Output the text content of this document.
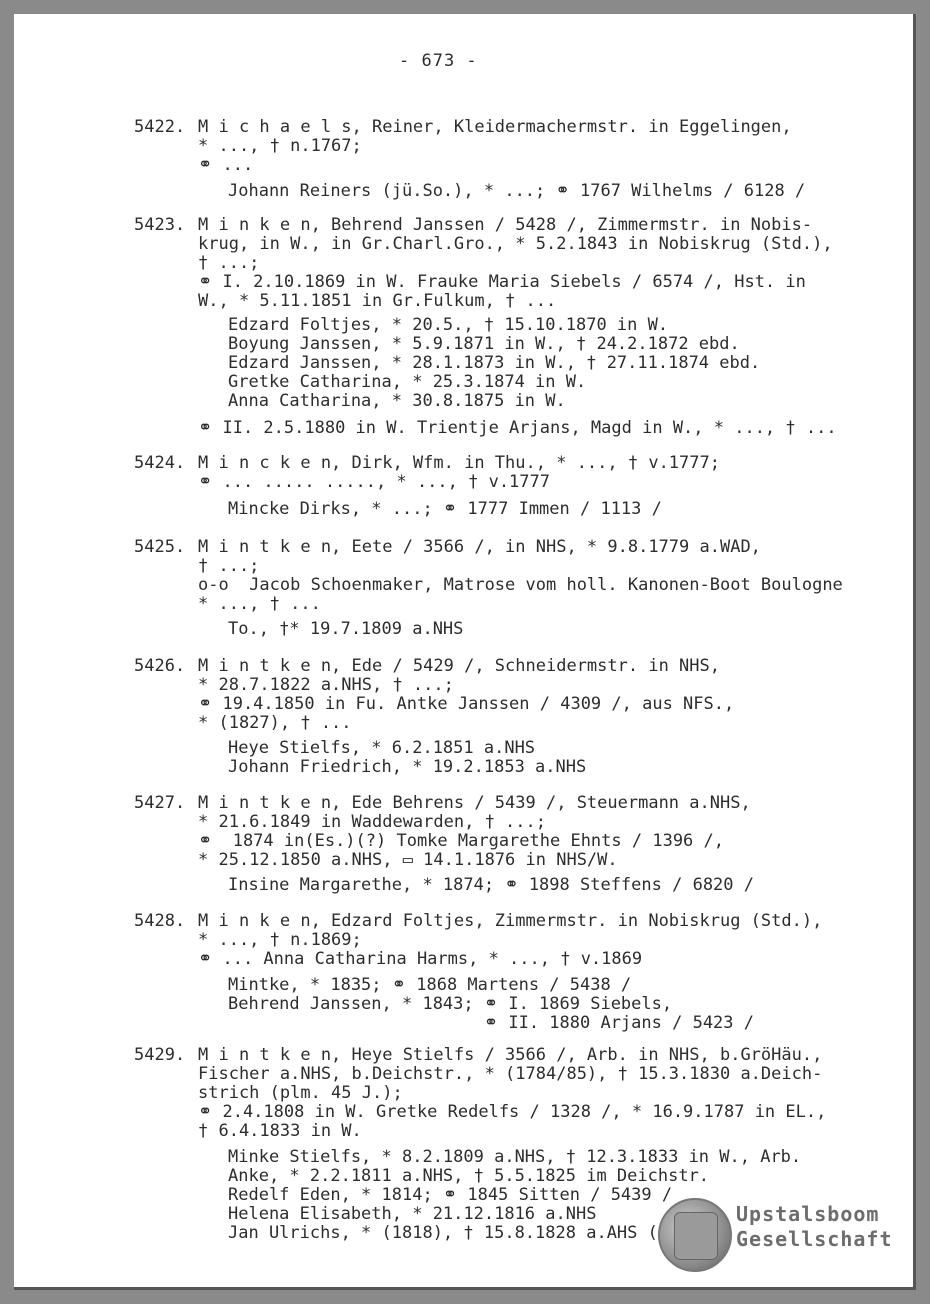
- 673 -
5422. M i c h a e l s, Reiner, Kleidermachermstr. in Eggelingen,
* ..., † n.1767;
⚭ ...
Johann Reiners (jü.So.), * ...; ⚭ 1767 Wilhelms / 6128 /
5423. M i n k e n, Behrend Janssen / 5428 /, Zimmermstr. in Nobis-
krug, in W., in Gr.Charl.Gro., * 5.2.1843 in Nobiskrug (Std.),
† ...;
⚭ I. 2.10.1869 in W. Frauke Maria Siebels / 6574 /, Hst. in
W., * 5.11.1851 in Gr.Fulkum, † ...
Edzard Foltjes, * 20.5., † 15.10.1870 in W.
Boyung Janssen, * 5.9.1871 in W., † 24.2.1872 ebd.
Edzard Janssen, * 28.1.1873 in W., † 27.11.1874 ebd.
Gretke Catharina, * 25.3.1874 in W.
Anna Catharina, * 30.8.1875 in W.
⚭ II. 2.5.1880 in W. Trientje Arjans, Magd in W., * ..., † ...
5424. M i n c k e n, Dirk, Wfm. in Thu., * ..., † v.1777;
⚭ ... ..... ....., * ..., † v.1777
Mincke Dirks, * ...; ⚭ 1777 Immen / 1113 /
5425. M i n t k e n, Eete / 3566 /, in NHS, * 9.8.1779 a.WAD,
† ...;
o-o  Jacob Schoenmaker, Matrose vom holl. Kanonen-Boot Boulogne
* ..., † ...
To., †* 19.7.1809 a.NHS
5426. M i n t k e n, Ede / 5429 /, Schneidermstr. in NHS,
* 28.7.1822 a.NHS, † ...;
⚭ 19.4.1850 in Fu. Antke Janssen / 4309 /, aus NFS.,
* (1827), † ...
Heye Stielfs, * 6.2.1851 a.NHS
Johann Friedrich, * 19.2.1853 a.NHS
5427. M i n t k e n, Ede Behrens / 5439 /, Steuermann a.NHS,
* 21.6.1849 in Waddewarden, † ...;
⚭  1874 in(Es.)(?) Tomke Margarethe Ehnts / 1396 /,
* 25.12.1850 a.NHS, ▭ 14.1.1876 in NHS/W.
Insine Margarethe, * 1874; ⚭ 1898 Steffens / 6820 /
5428. M i n k e n, Edzard Foltjes, Zimmermstr. in Nobiskrug (Std.),
* ..., † n.1869;
⚭ ... Anna Catharina Harms, * ..., † v.1869
Mintke, * 1835; ⚭ 1868 Martens / 5438 /
Behrend Janssen, * 1843; ⚭ I. 1869 Siebels,
⚭ II. 1880 Arjans / 5423 /
5429. M i n t k e n, Heye Stielfs / 3566 /, Arb. in NHS, b.GröHäu.,
Fischer a.NHS, b.Deichstr., * (1784/85), † 15.3.1830 a.Deich-
strich (plm. 45 J.);
⚭ 2.4.1808 in W. Gretke Redelfs / 1328 /, * 16.9.1787 in EL.,
† 6.4.1833 in W.
Minke Stielfs, * 8.2.1809 a.NHS, † 12.3.1833 in W., Arb.
Anke, * 2.2.1811 a.NHS, † 5.5.1825 im Deichstr.
Redelf Eden, * 1814; ⚭ 1845 Sitten / 5439 /
Helena Elisabeth, * 21.12.1816 a.NHS
Jan Ulrichs, * (1818), † 15.8.1828 a.AHS (
Upstalsboom
Gesellschaft
